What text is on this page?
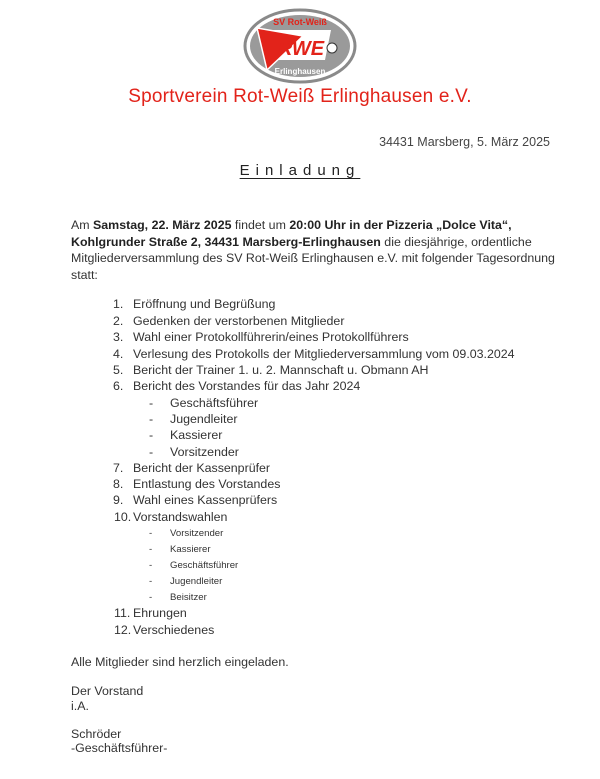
SV Rot-Weiß
RWE
Erlinghausen
Sportverein Rot-Weiß Erlinghausen e.V.
34431 Marsberg, 5. März 2025
Einladung
Am Samstag, 22. März 2025 findet um 20:00 Uhr in der Pizzeria „Dolce Vita“,
Kohlgrunder Straße 2, 34431 Marsberg-Erlinghausen die diesjährige, ordentliche
Mitgliederversammlung des SV Rot-Weiß Erlinghausen e.V. mit folgender Tagesordnung
statt:
1. Eröffnung und Begrüßung
2. Gedenken der verstorbenen Mitglieder
3. Wahl einer Protokollführerin/eines Protokollführers
4. Verlesung des Protokolls der Mitgliederversammlung vom 09.03.2024
5. Bericht der Trainer 1. u. 2. Mannschaft u. Obmann AH
6. Bericht des Vorstandes für das Jahr 2024
- Geschäftsführer
- Jugendleiter
- Kassierer
- Vorsitzender
7. Bericht der Kassenprüfer
8. Entlastung des Vorstandes
9. Wahl eines Kassenprüfers
10. Vorstandswahlen
- Vorsitzender
- Kassierer
- Geschäftsführer
- Jugendleiter
- Beisitzer
11. Ehrungen
12. Verschiedenes
Alle Mitglieder sind herzlich eingeladen.
Der Vorstand
i.A.
Schröder
-Geschäftsführer-
